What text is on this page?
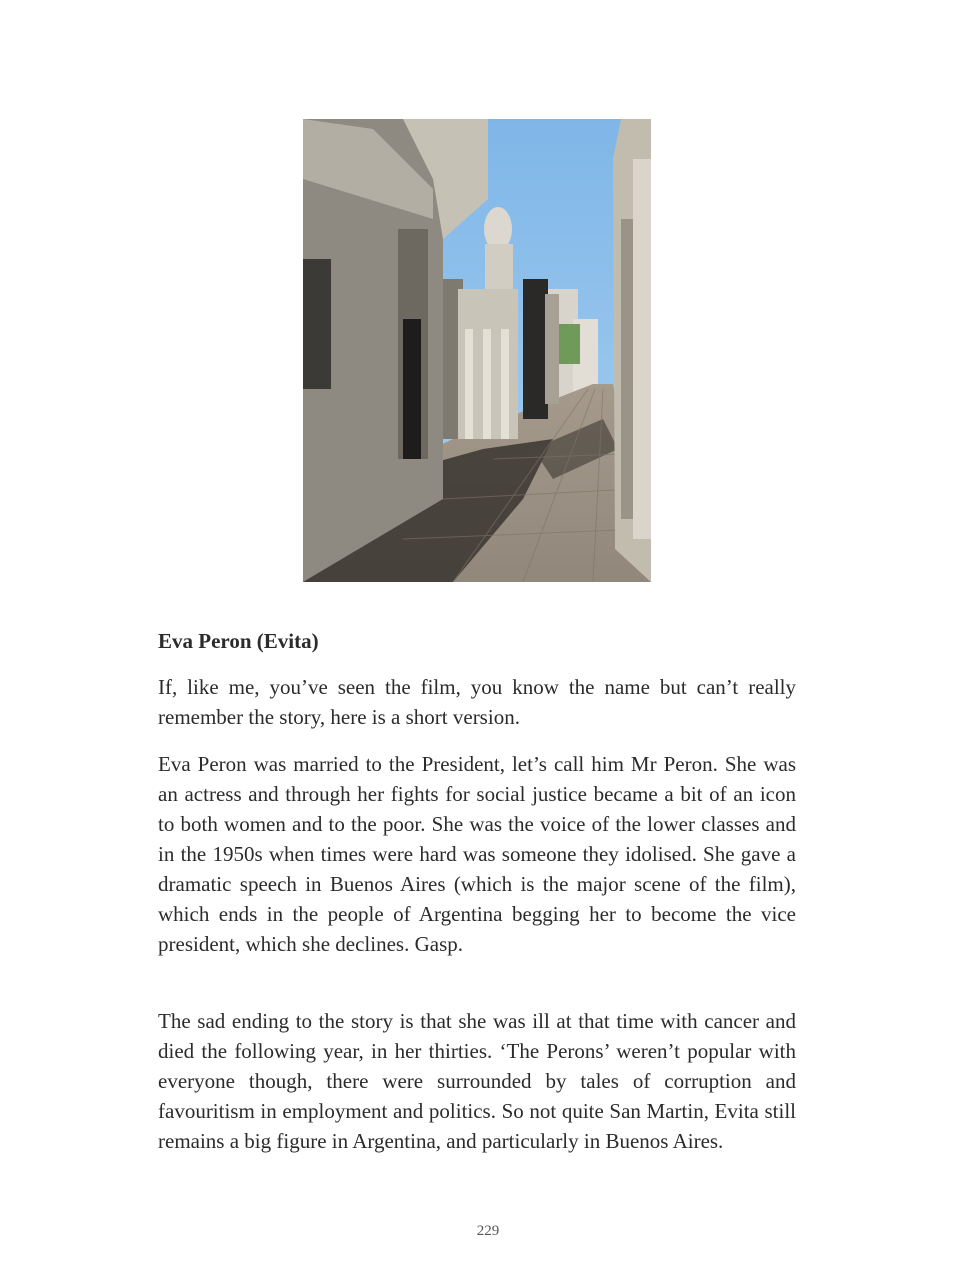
Eva Peron (Evita)

If, like me, you’ve seen the film, you know the name but can’t really remember the story, here is a short version.

Eva Peron was married to the President, let’s call him Mr Peron. She was an actress and through her fights for social justice became a bit of an icon to both women and to the poor. She was the voice of the lower classes and in the 1950s when times were hard was someone they idolised. She gave a dramatic speech in Buenos Aires (which is the major scene of the film), which ends in the people of Argentina begging her to become the vice president, which she declines. Gasp.

The sad ending to the story is that she was ill at that time with cancer and died the following year, in her thirties. ‘The Perons’ weren’t popular with everyone though, there were surrounded by tales of corruption and favouritism in employment and politics. So not quite San Martin, Evita still remains a big figure in Argentina, and particularly in Buenos Aires.

229
